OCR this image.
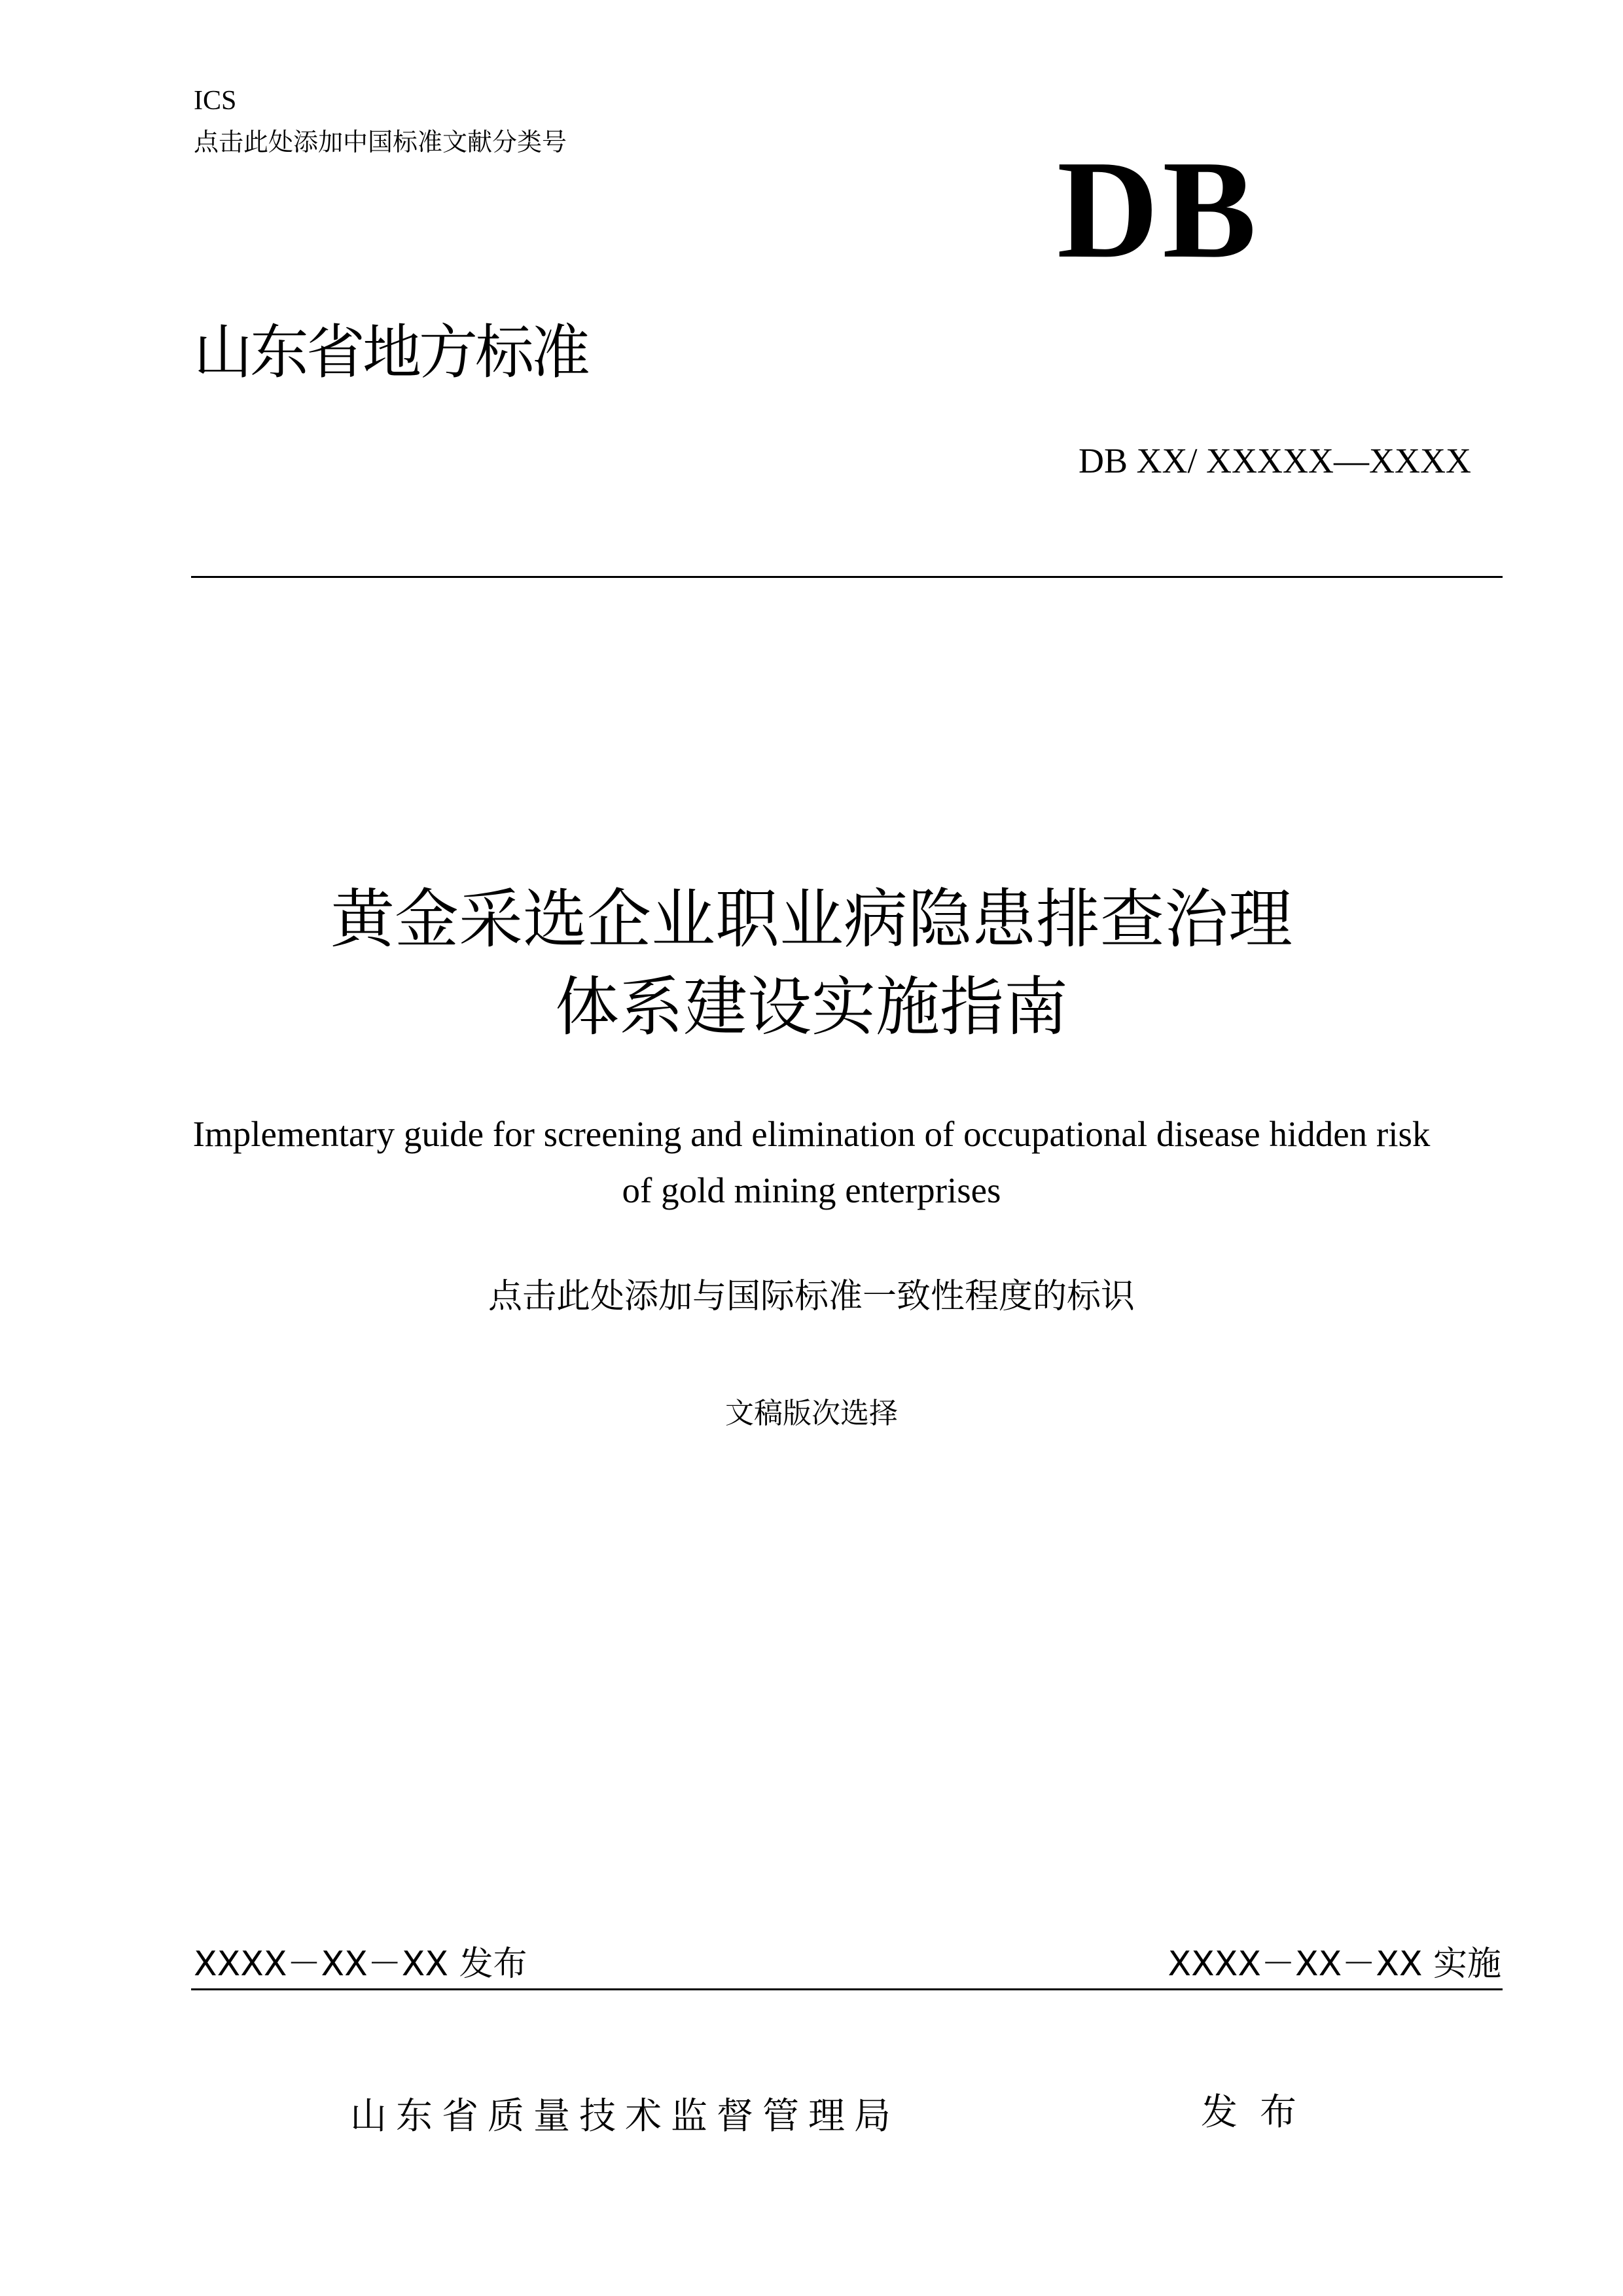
ICS
点击此处添加中国标准文献分类号	DB
山东省地方标准
DB XX/ XXXXX—XXXX
黄金采选企业职业病隐患排查治理
体系建设实施指南
Implementary guide for screening and elimination of occupational disease hidden risk
of gold mining enterprises
点击此处添加与国际标准一致性程度的标识
文稿版次选择
XXXX－XX－XX 发布	XXXX－XX－XX 实施
山东省质量技术监督管理局	发布
